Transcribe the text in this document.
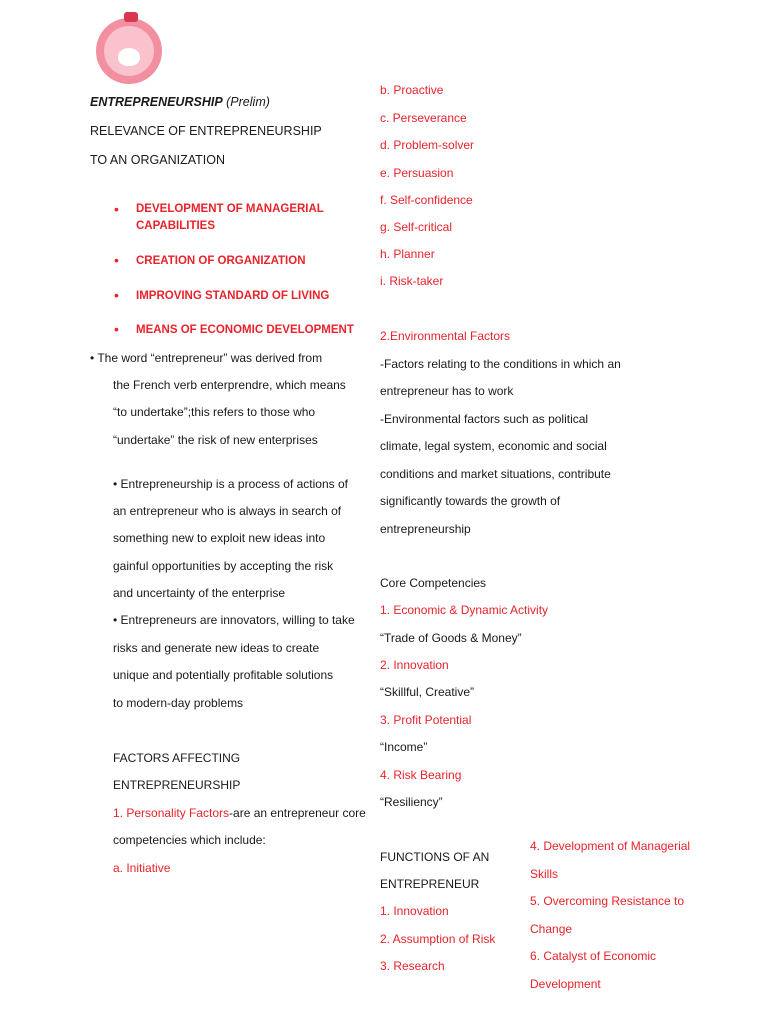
ENTREPRENEURSHIP (Prelim)
RELEVANCE OF ENTREPRENEURSHIP
TO AN ORGANIZATION
• DEVELOPMENT OF MANAGERIAL
CAPABILITIES
• CREATION OF ORGANIZATION
• IMPROVING STANDARD OF LIVING
• MEANS OF ECONOMIC DEVELOPMENT
• The word “entrepreneur” was derived from
the French verb enterprendre, which means
“to undertake”;this refers to those who
“undertake” the risk of new enterprises
• Entrepreneurship is a process of actions of
an entrepreneur who is always in search of
something new to exploit new ideas into
gainful opportunities by accepting the risk
and uncertainty of the enterprise
• Entrepreneurs are innovators, willing to take
risks and generate new ideas to create
unique and potentially profitable solutions
to modern-day problems
FACTORS AFFECTING
ENTREPRENEURSHIP
1. Personality Factors-are an entrepreneur core
competencies which include:
a. Initiative
b. Proactive
c. Perseverance
d. Problem-solver
e. Persuasion
f. Self-confidence
g. Self-critical
h. Planner
i. Risk-taker
2.Environmental Factors
-Factors relating to the conditions in which an
entrepreneur has to work
-Environmental factors such as political
climate, legal system, economic and social
conditions and market situations, contribute
significantly towards the growth of
entrepreneurship
Core Competencies
1. Economic & Dynamic Activity
“Trade of Goods & Money”
2. Innovation
“Skillful, Creative”
3. Profit Potential
“Income”
4. Risk Bearing
“Resiliency”
FUNCTIONS OF AN
ENTREPRENEUR
1. Innovation
2. Assumption of Risk
3. Research
4. Development of Managerial
Skills
5. Overcoming Resistance to
Change
6. Catalyst of Economic
Development
